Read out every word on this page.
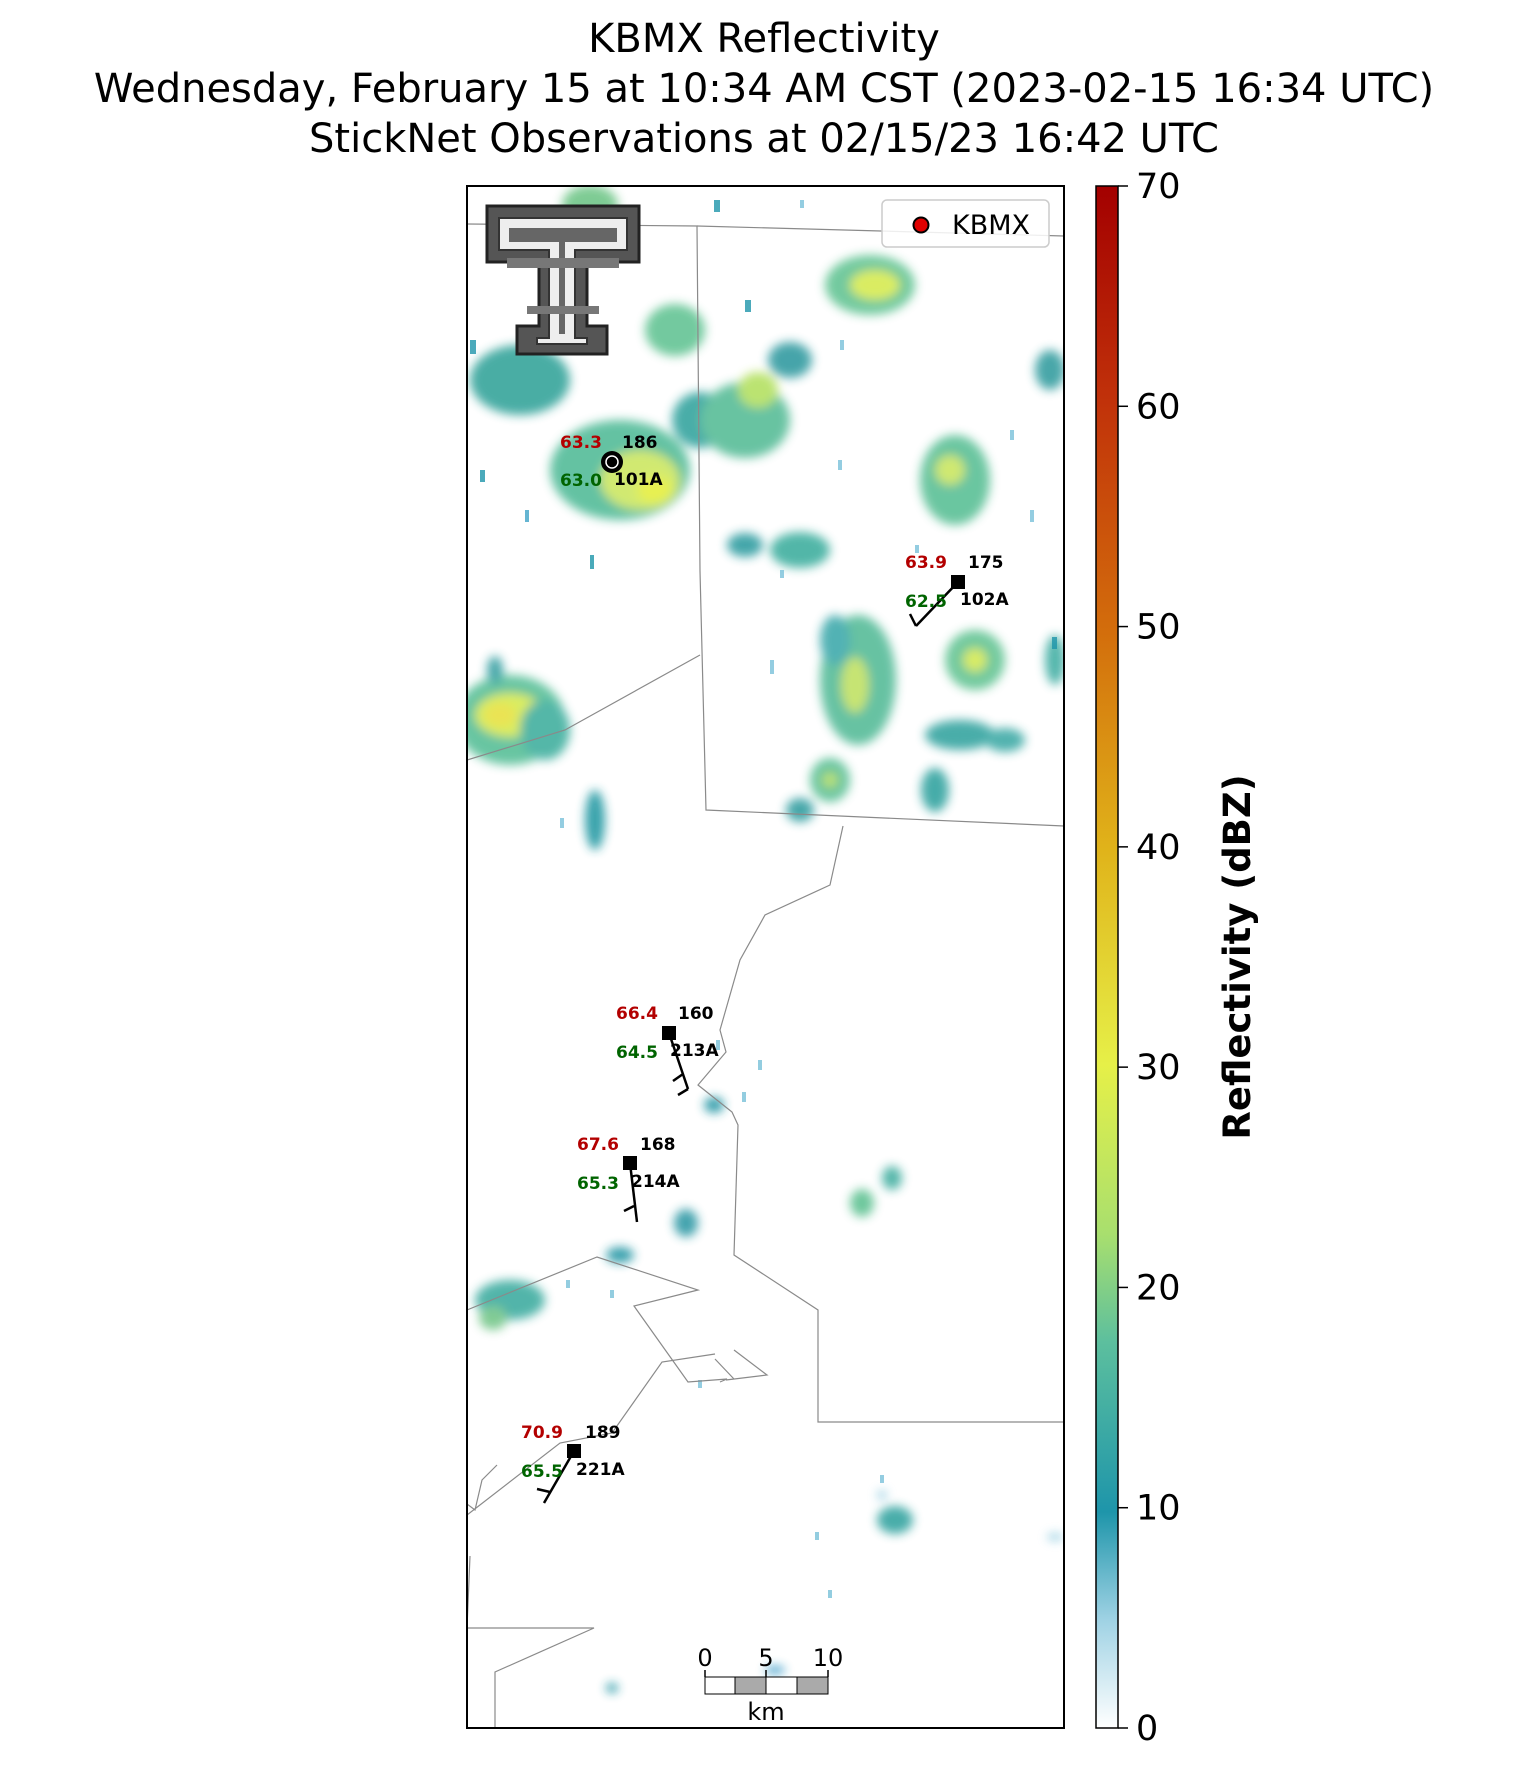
KBMX Reflectivity
Wednesday, February 15 at 10:34 AM CST (2023-02-15 16:34 UTC)
StickNet Observations at 02/15/23 16:42 UTC
KBMX
63.3 186
63.0 101A
63.9 175
62.5 102A
66.4 160
64.5 213A
67.6 168
65.3 214A
70.9 189
65.5 221A
0 5 10
km	0
10
20
30
40
50
60
70
Reflectivity (dBZ)
